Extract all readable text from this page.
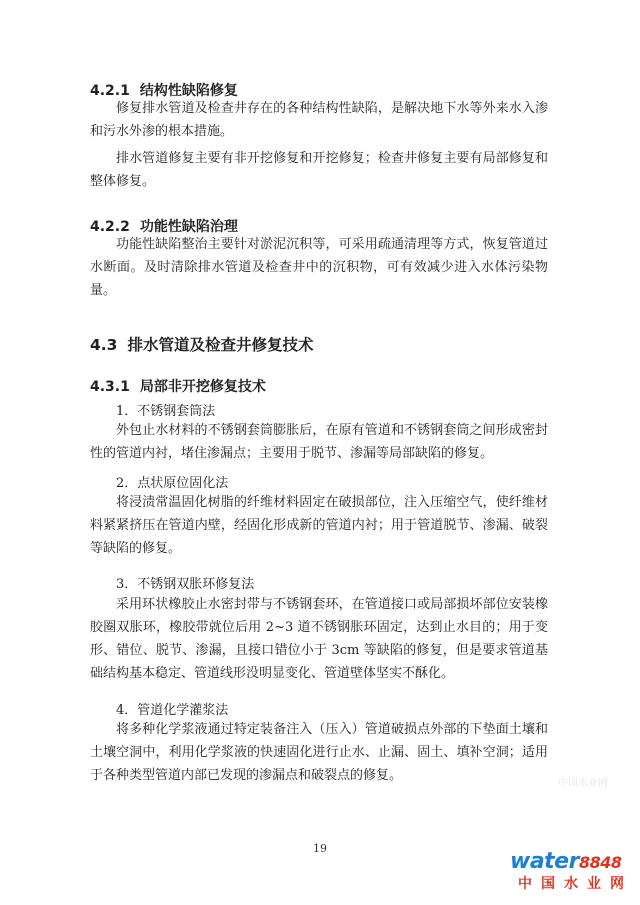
4.2.1 结构性缺陷修复
修复排水管道及检查井存在的各种结构性缺陷，是解决地下水等外来水入渗和污水外渗的根本措施。
排水管道修复主要有非开挖修复和开挖修复；检查井修复主要有局部修复和整体修复。
4.2.2 功能性缺陷治理
功能性缺陷整治主要针对淤泥沉积等，可采用疏通清理等方式，恢复管道过水断面。及时清除排水管道及检查井中的沉积物，可有效减少进入水体污染物量。
4.3 排水管道及检查井修复技术
4.3.1 局部非开挖修复技术
1．不锈钢套筒法
外包止水材料的不锈钢套筒膨胀后，在原有管道和不锈钢套筒之间形成密封性的管道内衬，堵住渗漏点；主要用于脱节、渗漏等局部缺陷的修复。
2．点状原位固化法
将浸渍常温固化树脂的纤维材料固定在破损部位，注入压缩空气，使纤维材料紧紧挤压在管道内壁，经固化形成新的管道内衬；用于管道脱节、渗漏、破裂等缺陷的修复。
3．不锈钢双胀环修复法
采用环状橡胶止水密封带与不锈钢套环，在管道接口或局部损坏部位安装橡胶圈双胀环，橡胶带就位后用 2~3 道不锈钢胀环固定，达到止水目的；用于变形、错位、脱节、渗漏，且接口错位小于 3cm 等缺陷的修复，但是要求管道基础结构基本稳定、管道线形没明显变化、管道壁体坚实不酥化。
4．管道化学灌浆法
将多种化学浆液通过特定装备注入（压入）管道破损点外部的下垫面土壤和土壤空洞中，利用化学浆液的快速固化进行止水、止漏、固土、填补空洞；适用于各种类型管道内部已发现的渗漏点和破裂点的修复。
中国水业网
19
water8848
中国水业网
